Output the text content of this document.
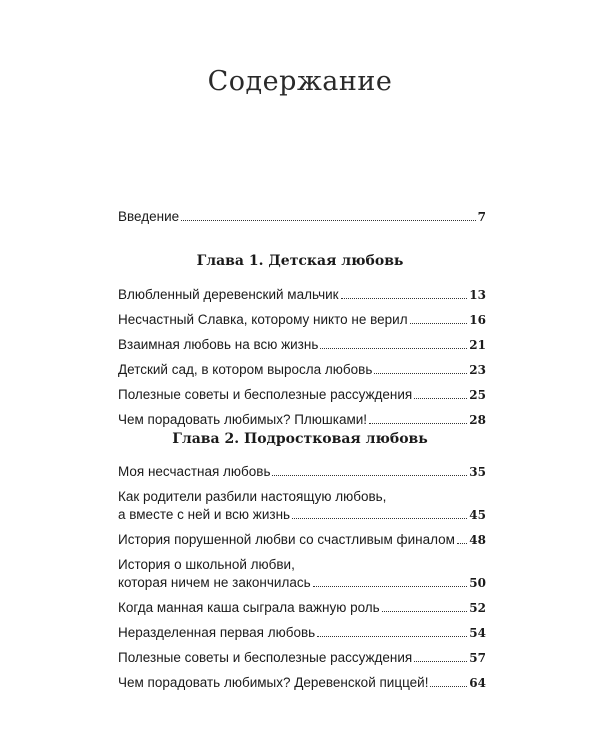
Содержание
Введение	7
Глава 1. Детская любовь
Влюбленный деревенский мальчик	13
Несчастный Славка, которому никто не верил	16
Взаимная любовь на всю жизнь	21
Детский сад, в котором выросла любовь	23
Полезные советы и бесполезные рассуждения	25
Чем порадовать любимых? Плюшками!	28
Глава 2. Подростковая любовь
Моя несчастная любовь	35
Как родители разбили настоящую любовь,
а вместе с ней и всю жизнь	45
История порушенной любви со счастливым финалом 48
История о школьной любви,
которая ничем не закончилась	50
Когда манная каша сыграла важную роль	52
Неразделенная первая любовь	54
Полезные советы и бесполезные рассуждения	57
Чем порадовать любимых? Деревенской пиццей!	64
